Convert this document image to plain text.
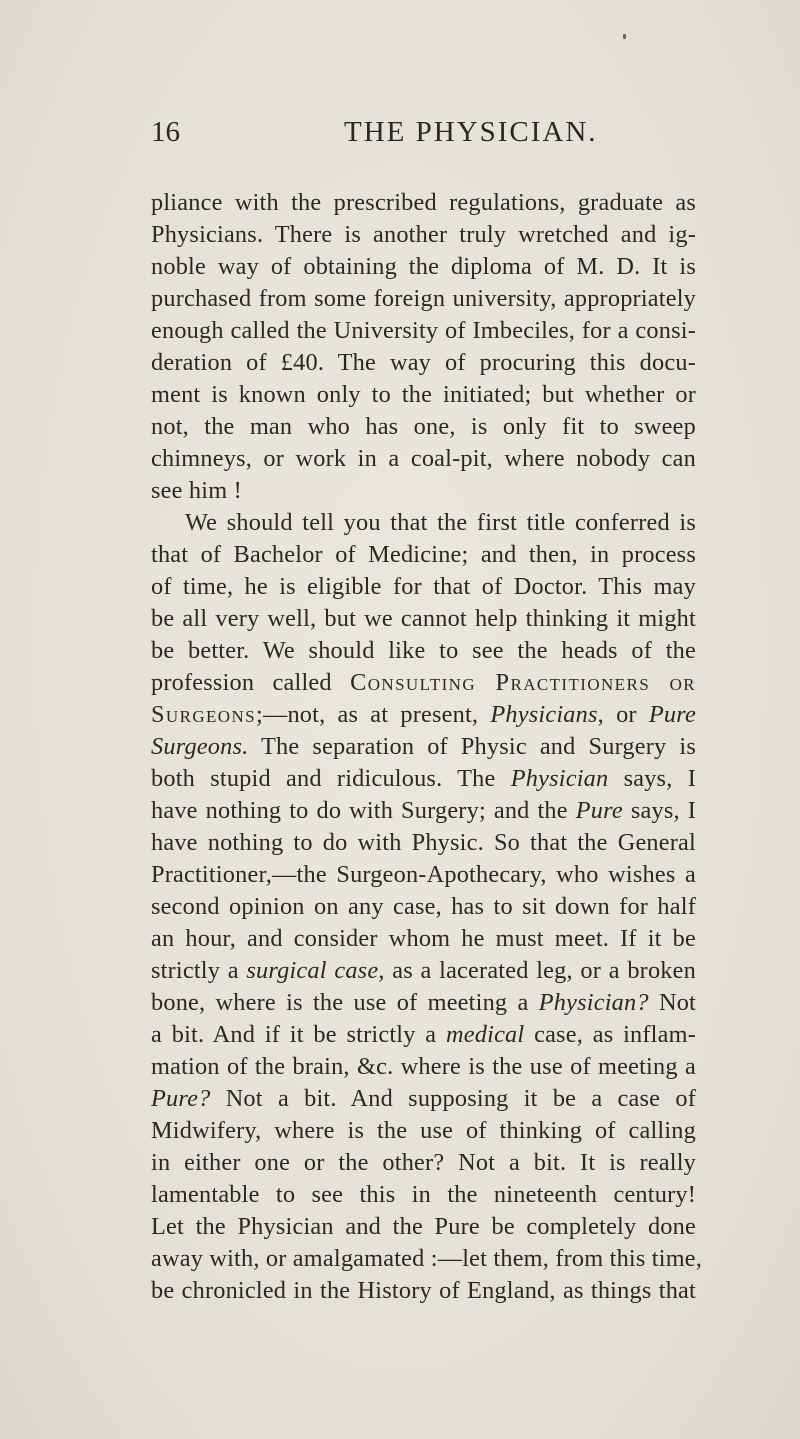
16	THE PHYSICIAN.
pliance with the prescribed regulations, graduate as
Physicians. There is another truly wretched and ig-
noble way of obtaining the diploma of M. D. It is
purchased from some foreign university, appropriately
enough called the University of Imbeciles, for a consi-
deration of £40. The way of procuring this docu-
ment is known only to the initiated; but whether or
not, the man who has one, is only fit to sweep
chimneys, or work in a coal-pit, where nobody can
see him !
We should tell you that the first title conferred is
that of Bachelor of Medicine; and then, in process
of time, he is eligible for that of Doctor. This may
be all very well, but we cannot help thinking it might
be better. We should like to see the heads of the
profession called Consulting Practitioners or
Surgeons;—not, as at present, Physicians, or Pure
Surgeons. The separation of Physic and Surgery is
both stupid and ridiculous. The Physician says, I
have nothing to do with Surgery; and the Pure says, I
have nothing to do with Physic. So that the General
Practitioner,—the Surgeon-Apothecary, who wishes a
second opinion on any case, has to sit down for half
an hour, and consider whom he must meet. If it be
strictly a surgical case, as a lacerated leg, or a broken
bone, where is the use of meeting a Physician? Not
a bit. And if it be strictly a medical case, as inflam-
mation of the brain, &c. where is the use of meeting a
Pure? Not a bit. And supposing it be a case of
Midwifery, where is the use of thinking of calling
in either one or the other? Not a bit. It is really
lamentable to see this in the nineteenth century!
Let the Physician and the Pure be completely done
away with, or amalgamated :—let them, from this time,
be chronicled in the History of England, as things that
